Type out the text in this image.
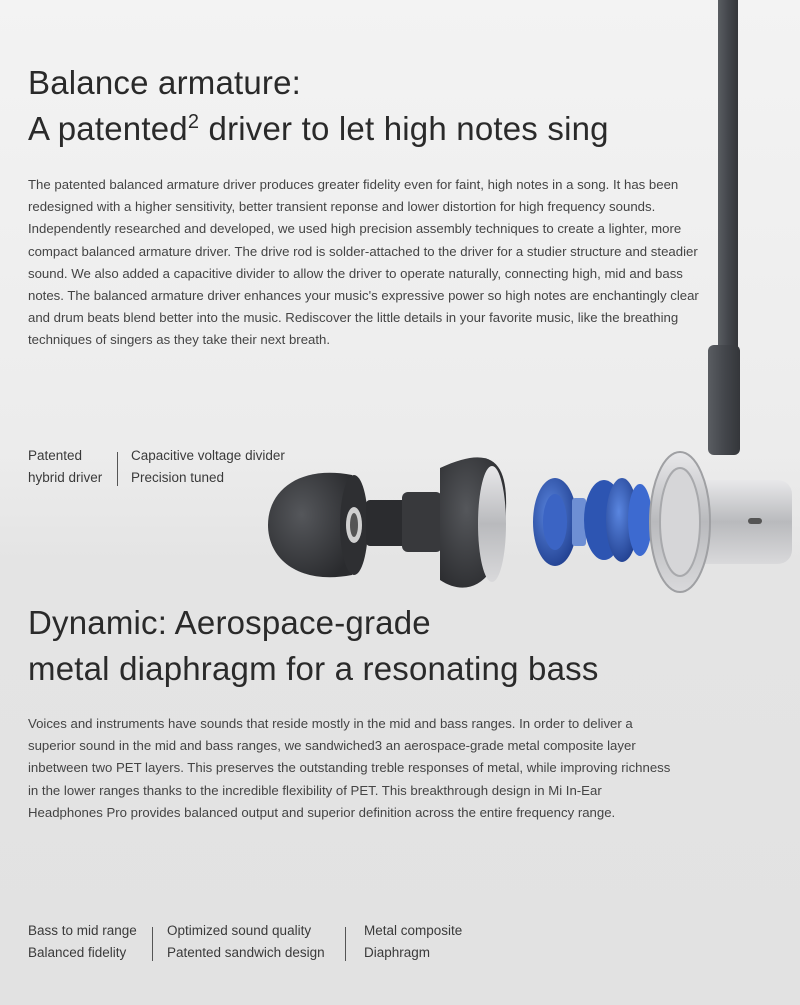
Balance armature:
A patented$^2$ driver to let high notes sing

The patented balanced armature driver produces greater fidelity even for faint, high notes in a song. It has been redesigned with a higher sensitivity, better transient reponse and lower distortion for high frequency sounds. Independently researched and developed, we used high precision assembly techniques to create a lighter, more compact balanced armature driver. The drive rod is solder-attached to the driver for a studier structure and steadier sound. We also added a capacitive divider to allow the driver to operate naturally, connecting high, mid and bass notes. The balanced armature driver enhances your music's expressive power so high notes are enchantingly clear and drum beats blend better into the music. Rediscover the little details in your favorite music, like the breathing techniques of singers as they take their next breath.

Patented
hybrid driver
Capacitive voltage divider
Precision tuned
Dynamic: Aerospace-grade
metal diaphragm for a resonating bass

Voices and instruments have sounds that reside mostly in the mid and bass ranges. In order to deliver a superior sound in the mid and bass ranges, we sandwiched3 an aerospace-grade metal composite layer inbetween two PET layers. This preserves the outstanding treble responses of metal, while improving richness in the lower ranges thanks to the incredible flexibility of PET. This breakthrough design in Mi In-Ear Headphones Pro provides balanced output and superior definition across the entire frequency range.

Bass to mid range
Balanced fidelity
Optimized sound quality
Patented sandwich design
Metal composite
Diaphragm
